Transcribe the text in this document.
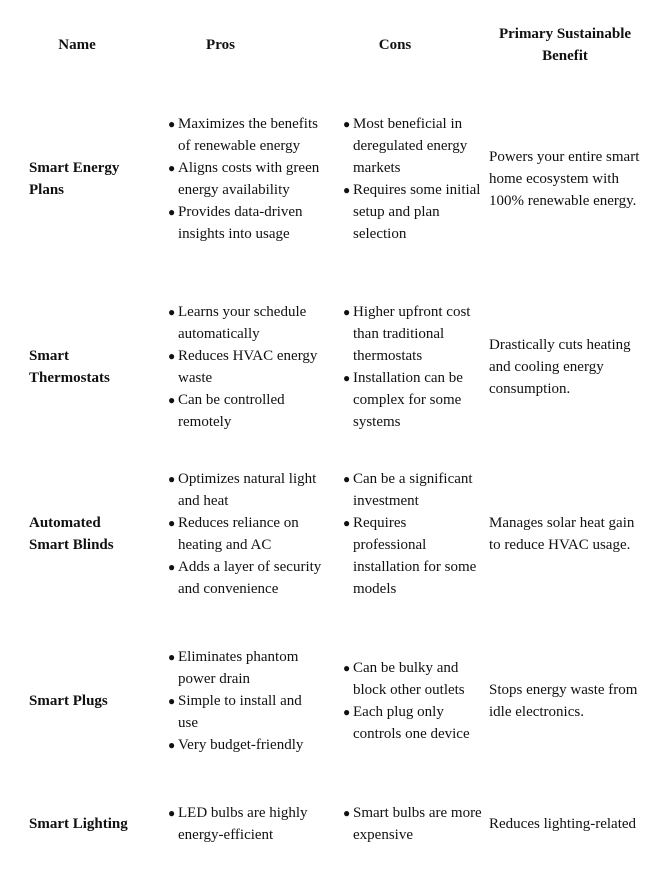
Name	Pros	Cons
Primary Sustainable Benefit
Smart Energy Plans
● Maximizes the benefits of renewable energy
● Aligns costs with green energy availability
● Provides data-driven insights into usage
● Most beneficial in deregulated energy markets
● Requires some initial setup and plan selection
Powers your entire smart home ecosystem with 100% renewable energy.
Smart Thermostats
● Learns your schedule automatically
● Reduces HVAC energy waste
● Can be controlled remotely
● Higher upfront cost than traditional thermostats
● Installation can be complex for some systems
Drastically cuts heating and cooling energy consumption.
Automated Smart Blinds
● Optimizes natural light and heat
● Reduces reliance on heating and AC
● Adds a layer of security and convenience
● Can be a significant investment
● Requires professional installation for some models
Manages solar heat gain to reduce HVAC usage.
Smart Plugs
● Eliminates phantom power drain
● Simple to install and use
● Very budget-friendly
● Can be bulky and block other outlets
● Each plug only controls one device
Stops energy waste from idle electronics.
Smart Lighting
● LED bulbs are highly energy-efficient
● Smart bulbs are more expensive
Reduces lighting-related
